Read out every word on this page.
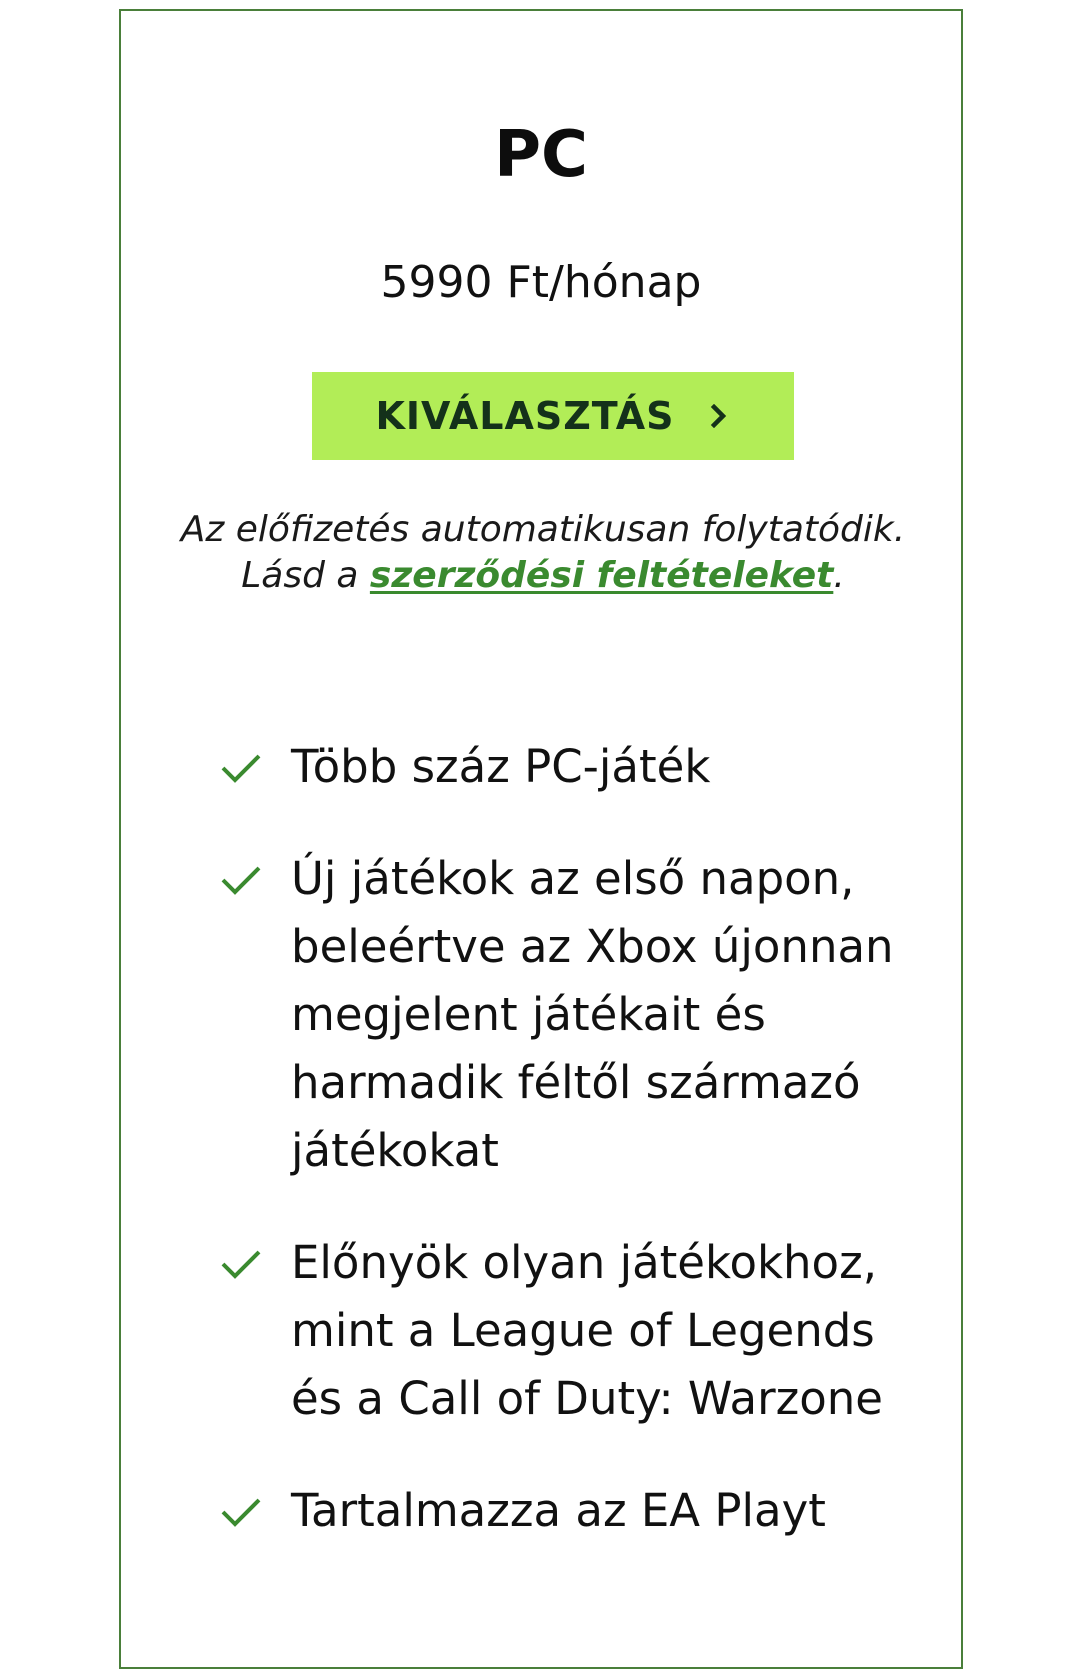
PC
5990 Ft/hónap
KIVÁLASZTÁS
Az előfizetés automatikusan folytatódik.
Lásd a szerződési feltételeket.
Több száz PC-játék
Új játékok az első napon, beleértve az Xbox újonnan megjelent játékait és harmadik féltől származó játékokat
Előnyök olyan játékokhoz, mint a League of Legends és a Call of Duty: Warzone
Tartalmazza az EA Playt
